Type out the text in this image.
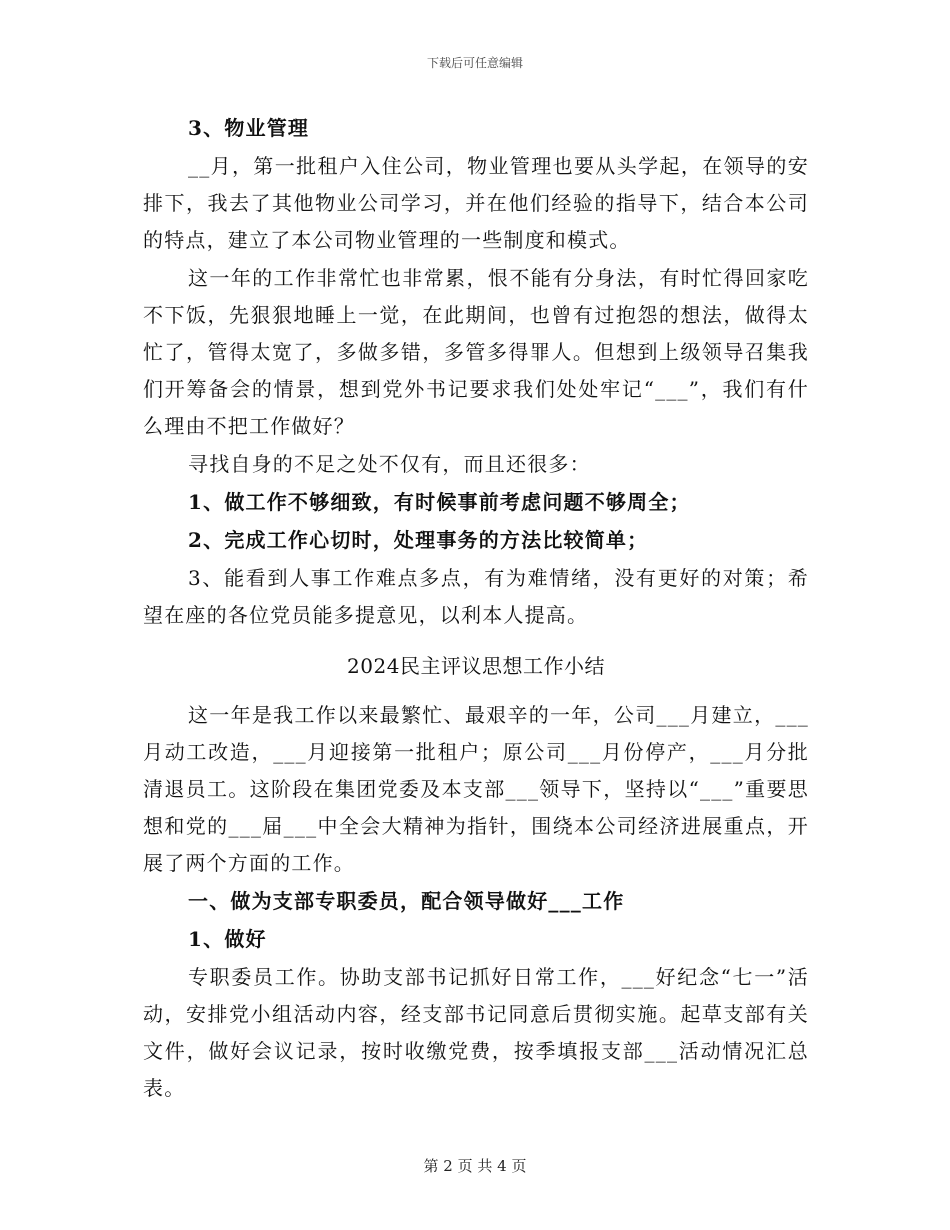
下载后可任意编辑

3、物业管理

__月，第一批租户入住公司，物业管理也要从头学起，在领导的安排下，我去了其他物业公司学习，并在他们经验的指导下，结合本公司的特点，建立了本公司物业管理的一些制度和模式。

这一年的工作非常忙也非常累，恨不能有分身法，有时忙得回家吃不下饭，先狠狠地睡上一觉，在此期间，也曾有过抱怨的想法，做得太忙了，管得太宽了，多做多错，多管多得罪人。但想到上级领导召集我们开筹备会的情景，想到党外书记要求我们处处牢记“___”，我们有什么理由不把工作做好？

寻找自身的不足之处不仅有，而且还很多：

1、做工作不够细致，有时候事前考虑问题不够周全；

2、完成工作心切时，处理事务的方法比较简单；

3、能看到人事工作难点多点，有为难情绪，没有更好的对策；希望在座的各位党员能多提意见，以利本人提高。

2024民主评议思想工作小结

这一年是我工作以来最繁忙、最艰辛的一年，公司___月建立，___月动工改造，___月迎接第一批租户；原公司___月份停产，___月分批清退员工。这阶段在集团党委及本支部___领导下，坚持以“___”重要思想和党的___届___中全会大精神为指针，围绕本公司经济进展重点，开展了两个方面的工作。

一、做为支部专职委员，配合领导做好___工作

1、做好

专职委员工作。协助支部书记抓好日常工作，___好纪念“七一”活动，安排党小组活动内容，经支部书记同意后贯彻实施。起草支部有关文件，做好会议记录，按时收缴党费，按季填报支部___活动情况汇总表。

第 2 页 共 4 页
